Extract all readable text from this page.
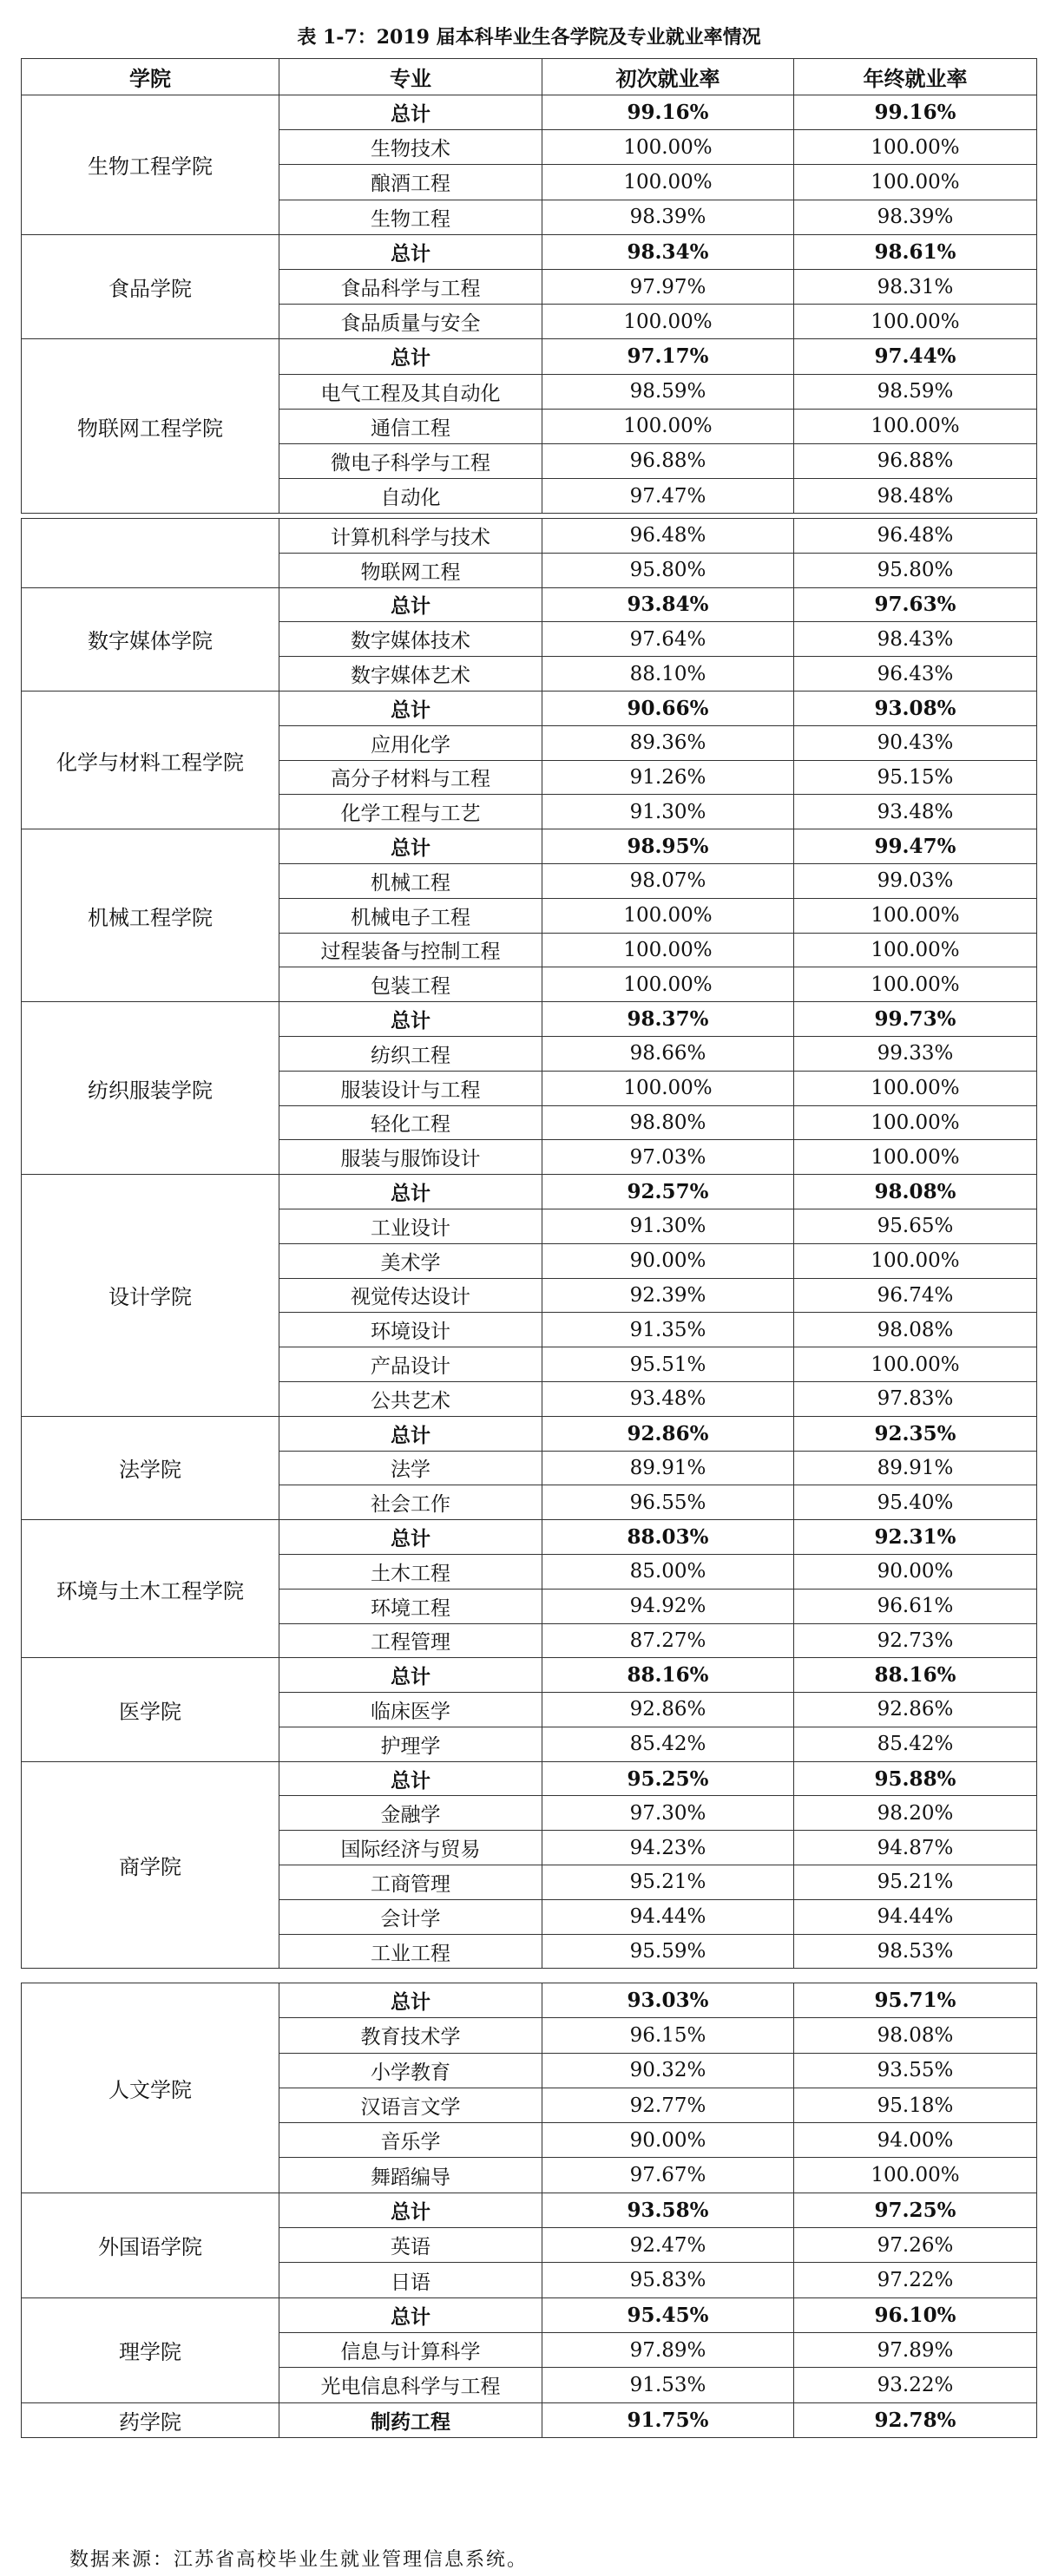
表 1-7：2019 届本科毕业生各学院及专业就业率情况
学院	专业	初次就业率	年终就业率
生物工程学院	总计	99.16%	99.16%
	生物技术	100.00%	100.00%
	酿酒工程	100.00%	100.00%
	生物工程	98.39%	98.39%
食品学院	总计	98.34%	98.61%
	食品科学与工程	97.97%	98.31%
	食品质量与安全	100.00%	100.00%
物联网工程学院	总计	97.17%	97.44%
	电气工程及其自动化	98.59%	98.59%
	通信工程	100.00%	100.00%
	微电子科学与工程	96.88%	96.88%
	自动化	97.47%	98.48%
	计算机科学与技术	96.48%	96.48%
	物联网工程	95.80%	95.80%
数字媒体学院	总计	93.84%	97.63%
	数字媒体技术	97.64%	98.43%
	数字媒体艺术	88.10%	96.43%
化学与材料工程学院	总计	90.66%	93.08%
	应用化学	89.36%	90.43%
	高分子材料与工程	91.26%	95.15%
	化学工程与工艺	91.30%	93.48%
机械工程学院	总计	98.95%	99.47%
	机械工程	98.07%	99.03%
	机械电子工程	100.00%	100.00%
	过程装备与控制工程	100.00%	100.00%
	包装工程	100.00%	100.00%
纺织服装学院	总计	98.37%	99.73%
	纺织工程	98.66%	99.33%
	服装设计与工程	100.00%	100.00%
	轻化工程	98.80%	100.00%
	服装与服饰设计	97.03%	100.00%
设计学院	总计	92.57%	98.08%
	工业设计	91.30%	95.65%
	美术学	90.00%	100.00%
	视觉传达设计	92.39%	96.74%
	环境设计	91.35%	98.08%
	产品设计	95.51%	100.00%
	公共艺术	93.48%	97.83%
法学院	总计	92.86%	92.35%
	法学	89.91%	89.91%
	社会工作	96.55%	95.40%
环境与土木工程学院	总计	88.03%	92.31%
	土木工程	85.00%	90.00%
	环境工程	94.92%	96.61%
	工程管理	87.27%	92.73%
医学院	总计	88.16%	88.16%
	临床医学	92.86%	92.86%
	护理学	85.42%	85.42%
商学院	总计	95.25%	95.88%
	金融学	97.30%	98.20%
	国际经济与贸易	94.23%	94.87%
	工商管理	95.21%	95.21%
	会计学	94.44%	94.44%
	工业工程	95.59%	98.53%
人文学院	总计	93.03%	95.71%
	教育技术学	96.15%	98.08%
	小学教育	90.32%	93.55%
	汉语言文学	92.77%	95.18%
	音乐学	90.00%	94.00%
	舞蹈编导	97.67%	100.00%
外国语学院	总计	93.58%	97.25%
	英语	92.47%	97.26%
	日语	95.83%	97.22%
理学院	总计	95.45%	96.10%
	信息与计算科学	97.89%	97.89%
	光电信息科学与工程	91.53%	93.22%
药学院	制药工程	91.75%	92.78%
数据来源：江苏省高校毕业生就业管理信息系统。
